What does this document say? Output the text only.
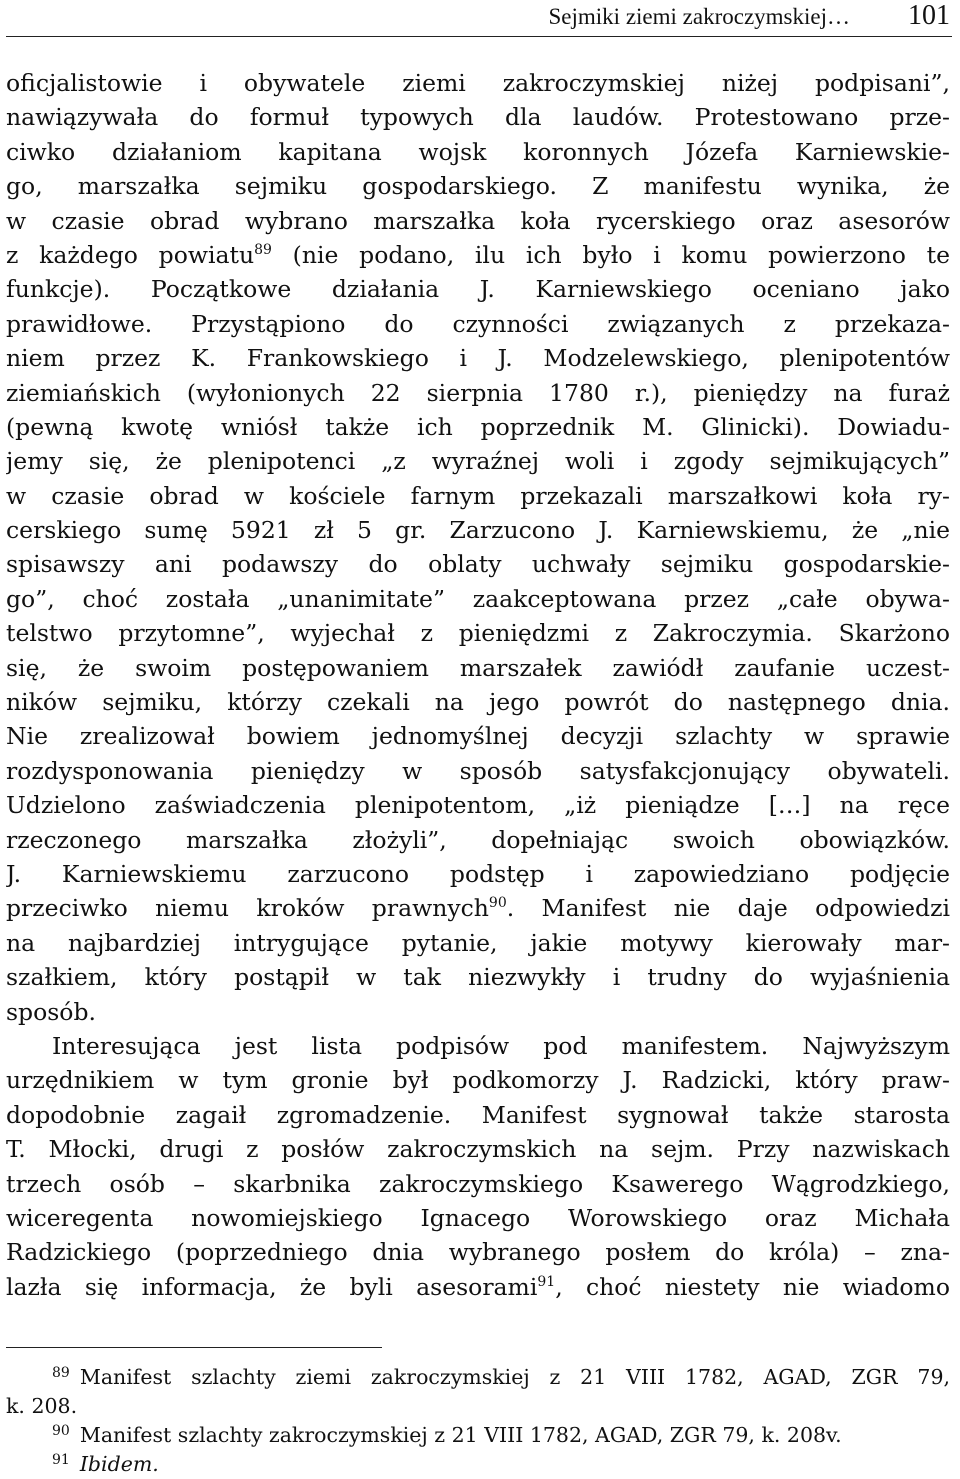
Sejmiki ziemi zakroczymskiej… 101
oficjalistowie i obywatele ziemi zakroczymskiej niżej podpisani”,
nawiązywała do formuł typowych dla laudów. Protestowano prze-
ciwko działaniom kapitana wojsk koronnych Józefa Karniewskie-
go, marszałka sejmiku gospodarskiego. Z manifestu wynika, że
w czasie obrad wybrano marszałka koła rycerskiego oraz asesorów
z każdego powiatu$^{89}$ (nie podano, ilu ich było i komu powierzono te
funkcje). Początkowe działania J. Karniewskiego oceniano jako
prawidłowe. Przystąpiono do czynności związanych z przekaza-
niem przez K. Frankowskiego i J. Modzelewskiego, plenipotentów
ziemiańskich (wyłonionych 22 sierpnia 1780 r.), pieniędzy na furaż
(pewną kwotę wniósł także ich poprzednik M. Glinicki). Dowiadu-
jemy się, że plenipotenci „z wyraźnej woli i zgody sejmikujących”
w czasie obrad w kościele farnym przekazali marszałkowi koła ry-
cerskiego sumę 5921 zł 5 gr. Zarzucono J. Karniewskiemu, że „nie
spisawszy ani podawszy do oblaty uchwały sejmiku gospodarskie-
go”, choć została „unanimitate” zaakceptowana przez „całe obywa-
telstwo przytomne”, wyjechał z pieniędzmi z Zakroczymia. Skarżono
się, że swoim postępowaniem marszałek zawiódł zaufanie uczest-
ników sejmiku, którzy czekali na jego powrót do następnego dnia.
Nie zrealizował bowiem jednomyślnej decyzji szlachty w sprawie
rozdysponowania pieniędzy w sposób satysfakcjonujący obywateli.
Udzielono zaświadczenia plenipotentom, „iż pieniądze […] na ręce
rzeczonego marszałka złożyli”, dopełniając swoich obowiązków.
J. Karniewskiemu zarzucono podstęp i zapowiedziano podjęcie
przeciwko niemu kroków prawnych$^{90}$. Manifest nie daje odpowiedzi
na najbardziej intrygujące pytanie, jakie motywy kierowały mar-
szałkiem, który postąpił w tak niezwykły i trudny do wyjaśnienia
sposób.
Interesująca jest lista podpisów pod manifestem. Najwyższym
urzędnikiem w tym gronie był podkomorzy J. Radzicki, który praw-
dopodobnie zagaił zgromadzenie. Manifest sygnował także starosta
T. Młocki, drugi z posłów zakroczymskich na sejm. Przy nazwiskach
trzech osób – skarbnika zakroczymskiego Ksawerego Wągrodzkiego,
wiceregenta nowomiejskiego Ignacego Worowskiego oraz Michała
Radzickiego (poprzedniego dnia wybranego posłem do króla) – zna-
lazła się informacja, że byli asesorami$^{91}$, choć niestety nie wiadomo
$^{89}$ Manifest szlachty ziemi zakroczymskiej z 21 VIII 1782, AGAD, ZGR 79,
k. 208.
$^{90}$ Manifest szlachty zakroczymskiej z 21 VIII 1782, AGAD, ZGR 79, k. 208v.
$^{91}$ Ibidem.
